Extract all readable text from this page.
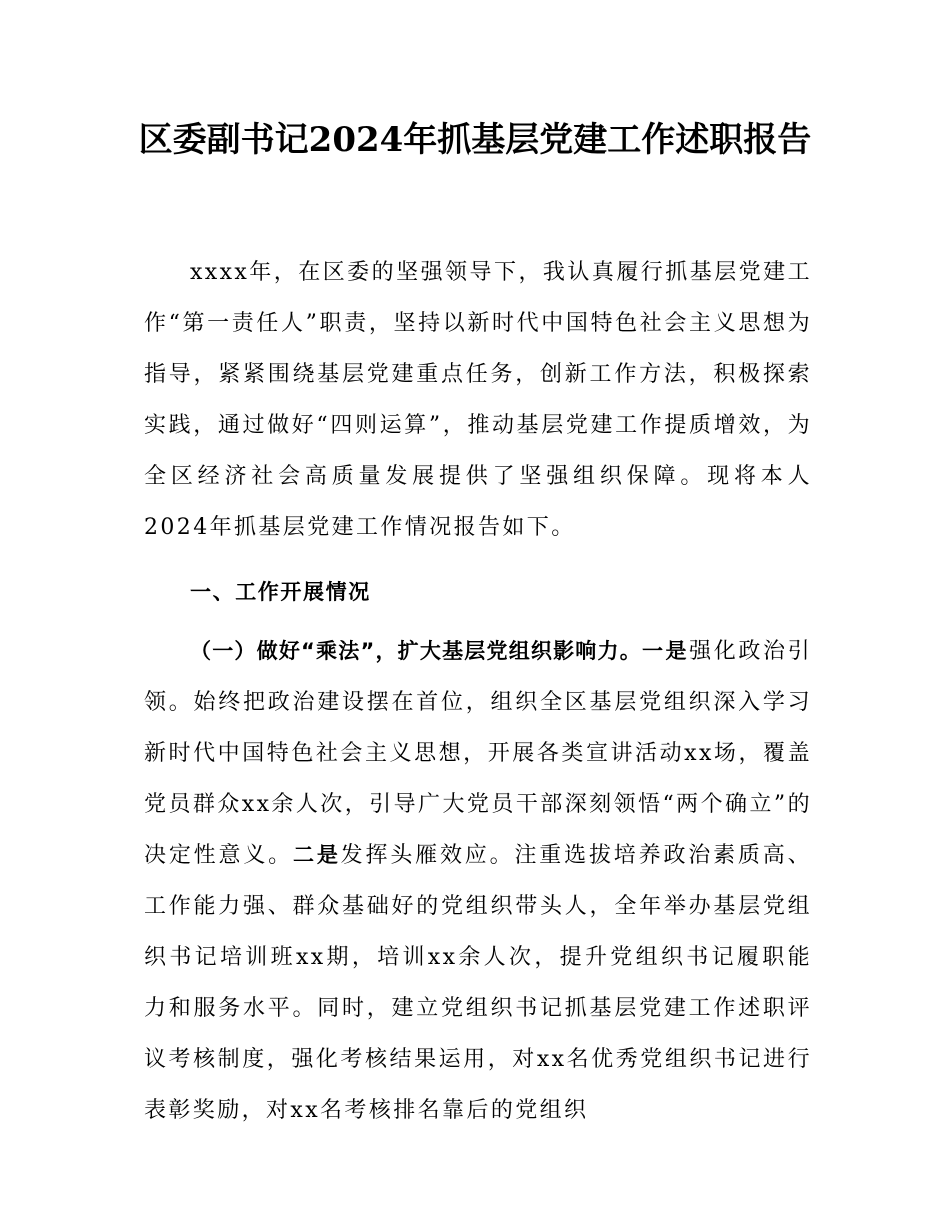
区委副书记2024年抓基层党建工作述职报告

xxxx年，在区委的坚强领导下，我认真履行抓基层党建工作“第一责任人”职责，坚持以新时代中国特色社会主义思想为指导，紧紧围绕基层党建重点任务，创新工作方法，积极探索实践，通过做好“四则运算”，推动基层党建工作提质增效，为全区经济社会高质量发展提供了坚强组织保障。现将本人2024年抓基层党建工作情况报告如下。

一、工作开展情况

（一）做好“乘法”，扩大基层党组织影响力。一是强化政治引领。始终把政治建设摆在首位，组织全区基层党组织深入学习新时代中国特色社会主义思想，开展各类宣讲活动xx场，覆盖党员群众xx余人次，引导广大党员干部深刻领悟“两个确立”的决定性意义。二是发挥头雁效应。注重选拔培养政治素质高、工作能力强、群众基础好的党组织带头人，全年举办基层党组织书记培训班xx期，培训xx余人次，提升党组织书记履职能力和服务水平。同时，建立党组织书记抓基层党建工作述职评议考核制度，强化考核结果运用，对xx名优秀党组织书记进行表彰奖励，对xx名考核排名靠后的党组织
